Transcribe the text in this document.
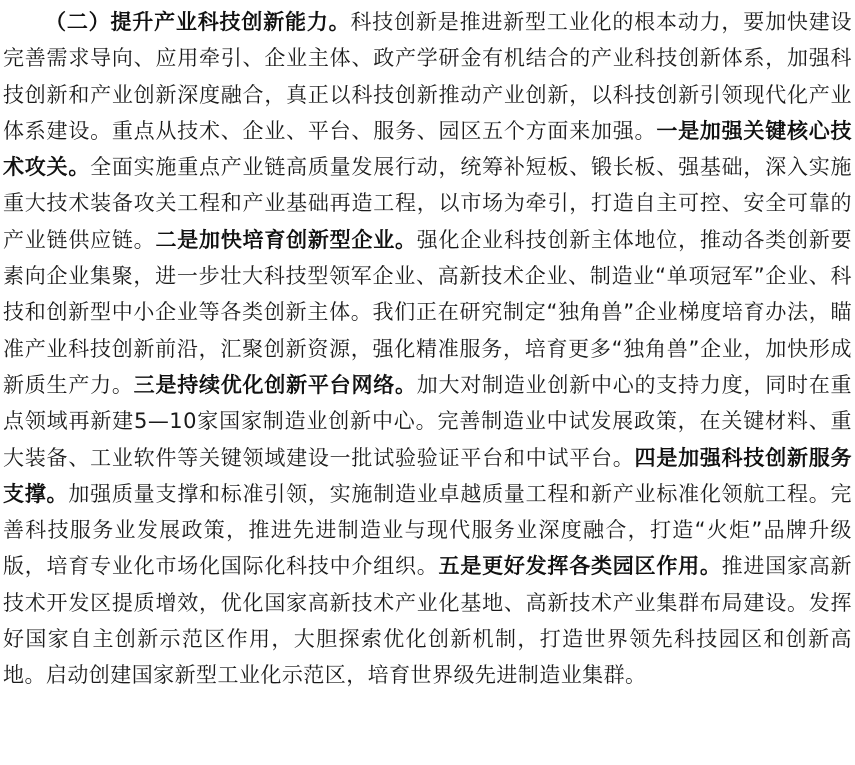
（二）提升产业科技创新能力。科技创新是推进新型工业化的根本动力，要加快建设完善需求导向、应用牵引、企业主体、政产学研金有机结合的产业科技创新体系，加强科技创新和产业创新深度融合，真正以科技创新推动产业创新，以科技创新引领现代化产业体系建设。重点从技术、企业、平台、服务、园区五个方面来加强。一是加强关键核心技术攻关。全面实施重点产业链高质量发展行动，统筹补短板、锻长板、强基础，深入实施重大技术装备攻关工程和产业基础再造工程，以市场为牵引，打造自主可控、安全可靠的产业链供应链。二是加快培育创新型企业。强化企业科技创新主体地位，推动各类创新要素向企业集聚，进一步壮大科技型领军企业、高新技术企业、制造业“单项冠军”企业、科技和创新型中小企业等各类创新主体。我们正在研究制定“独角兽”企业梯度培育办法，瞄准产业科技创新前沿，汇聚创新资源，强化精准服务，培育更多“独角兽”企业，加快形成新质生产力。三是持续优化创新平台网络。加大对制造业创新中心的支持力度，同时在重点领域再新建5—10家国家制造业创新中心。完善制造业中试发展政策，在关键材料、重大装备、工业软件等关键领域建设一批试验验证平台和中试平台。四是加强科技创新服务支撑。加强质量支撑和标准引领，实施制造业卓越质量工程和新产业标准化领航工程。完善科技服务业发展政策，推进先进制造业与现代服务业深度融合，打造“火炬”品牌升级版，培育专业化市场化国际化科技中介组织。五是更好发挥各类园区作用。推进国家高新技术开发区提质增效，优化国家高新技术产业化基地、高新技术产业集群布局建设。发挥好国家自主创新示范区作用，大胆探索优化创新机制，打造世界领先科技园区和创新高地。启动创建国家新型工业化示范区，培育世界级先进制造业集群。
